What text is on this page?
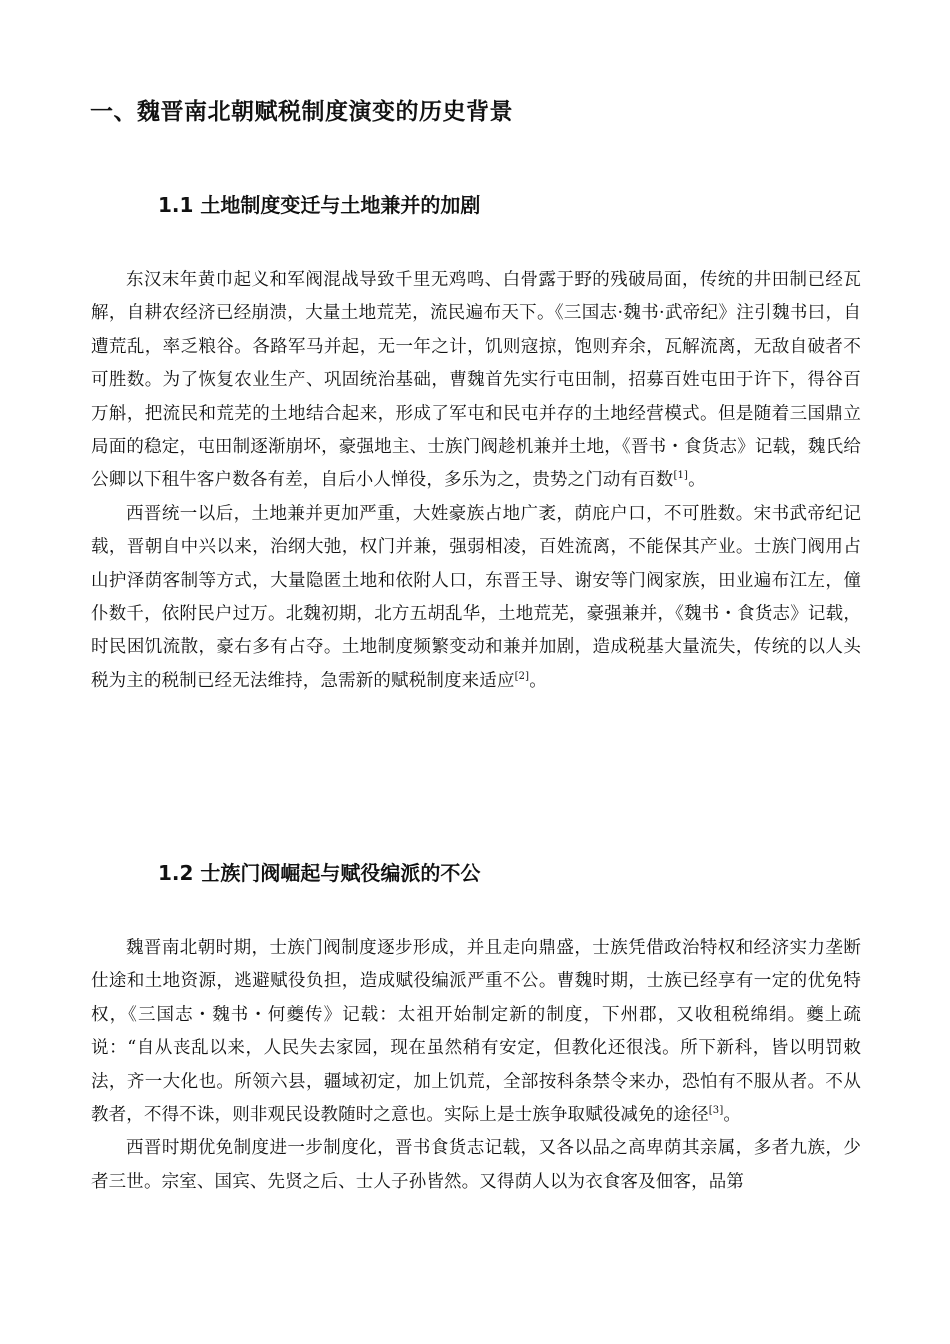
一、魏晋南北朝赋税制度演变的历史背景
1.1 土地制度变迁与土地兼并的加剧

东汉末年黄巾起义和军阀混战导致千里无鸡鸣、白骨露于野的残破局面，传统的井田制已经瓦解，自耕农经济已经崩溃，大量土地荒芜，流民遍布天下。《三国志·魏书·武帝纪》注引魏书曰，自遭荒乱，率乏粮谷。各路军马并起，无一年之计，饥则寇掠，饱则弃余，瓦解流离，无敌自破者不可胜数。为了恢复农业生产、巩固统治基础，曹魏首先实行屯田制，招募百姓屯田于许下，得谷百万斛，把流民和荒芜的土地结合起来，形成了军屯和民屯并存的土地经营模式。但是随着三国鼎立局面的稳定，屯田制逐渐崩坏，豪强地主、士族门阀趁机兼并土地，《晋书・食货志》记载，魏氏给公卿以下租牛客户数各有差，自后小人惮役，多乐为之，贵势之门动有百数[1]。

西晋统一以后，土地兼并更加严重，大姓豪族占地广袤，荫庇户口，不可胜数。宋书武帝纪记载，晋朝自中兴以来，治纲大弛，权门并兼，强弱相凌，百姓流离，不能保其产业。士族门阀用占山护泽荫客制等方式，大量隐匿土地和依附人口，东晋王导、谢安等门阀家族，田业遍布江左，僮仆数千，依附民户过万。北魏初期，北方五胡乱华，土地荒芜，豪强兼并，《魏书・食货志》记载，时民困饥流散，豪右多有占夺。土地制度频繁变动和兼并加剧，造成税基大量流失，传统的以人头税为主的税制已经无法维持，急需新的赋税制度来适应[2]。

1.2 士族门阀崛起与赋役编派的不公

魏晋南北朝时期，士族门阀制度逐步形成，并且走向鼎盛，士族凭借政治特权和经济实力垄断仕途和土地资源，逃避赋役负担，造成赋役编派严重不公。曹魏时期，士族已经享有一定的优免特权，《三国志・魏书・何夔传》记载：太祖开始制定新的制度，下州郡，又收租税绵绢。夔上疏说：“自从丧乱以来，人民失去家园，现在虽然稍有安定，但教化还很浅。所下新科，皆以明罚敕法，齐一大化也。所领六县，疆域初定，加上饥荒，全部按科条禁令来办，恐怕有不服从者。不从教者，不得不诛，则非观民设教随时之意也。实际上是士族争取赋役减免的途径[3]。

西晋时期优免制度进一步制度化，晋书食货志记载，又各以品之高卑荫其亲属，多者九族，少者三世。宗室、国宾、先贤之后、士人子孙皆然。又得荫人以为衣食客及佃客，品第
